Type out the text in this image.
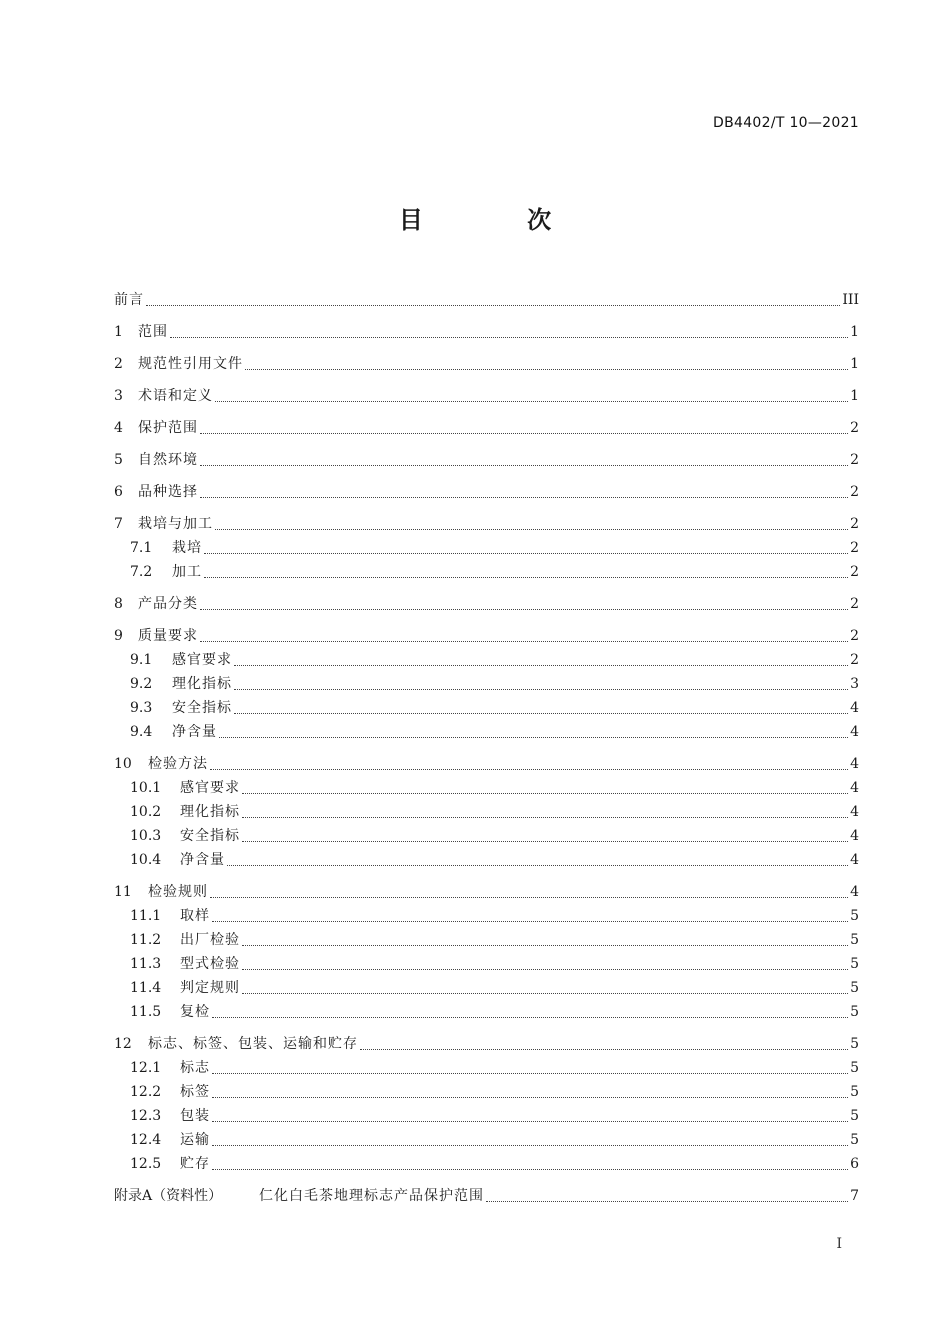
DB4402/T 10—2021
目 次
前言	III
1	范围	1
2	规范性引用文件	1
3	术语和定义	1
4	保护范围	2
5	自然环境	2
6	品种选择	2
7	栽培与加工	2
7.1	栽培	2
7.2	加工	2
8	产品分类	2
9	质量要求	2
9.1	感官要求	2
9.2	理化指标	3
9.3	安全指标	4
9.4	净含量	4
10	检验方法	4
10.1	感官要求	4
10.2	理化指标	4
10.3	安全指标	4
10.4	净含量	4
11	检验规则	4
11.1	取样	5
11.2	出厂检验	5
11.3	型式检验	5
11.4	判定规则	5
11.5	复检	5
12	标志、标签、包装、运输和贮存	5
12.1	标志	5
12.2	标签	5
12.3	包装	5
12.4	运输	5
12.5	贮存	6
附录A（资料性）	仁化白毛茶地理标志产品保护范围	7
I
